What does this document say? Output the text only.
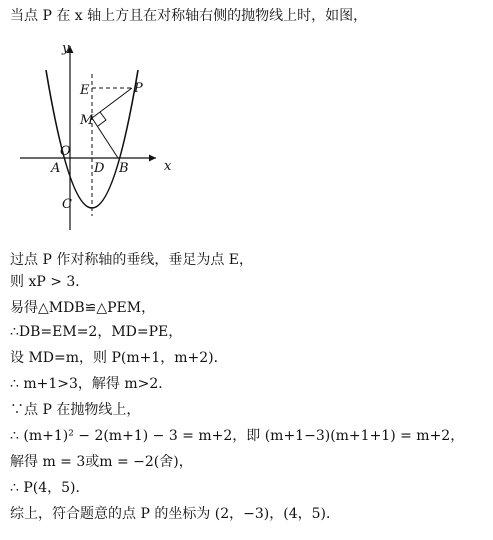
当点 P 在 x 轴上方且在对称轴右侧的抛物线上时，如图，
y
x
O
A	D B
C
E
M
P
过点 P 作对称轴的垂线，垂足为点 E，
则 xP > 3．
易得△MDB≌△PEM，
∴DB=EM=2，MD=PE，
设 MD=m，则 P(m+1，m+2)．
∴ m+1>3，解得 m>2．
∵点 P 在抛物线上，
∴ (m+1)² − 2(m+1) − 3 = m+2，即 (m+1−3)(m+1+1) = m+2，
解得 m = 3或m = −2(舍)，
∴ P(4，5)．
综上，符合题意的点 P 的坐标为 (2，−3)，(4，5)．
